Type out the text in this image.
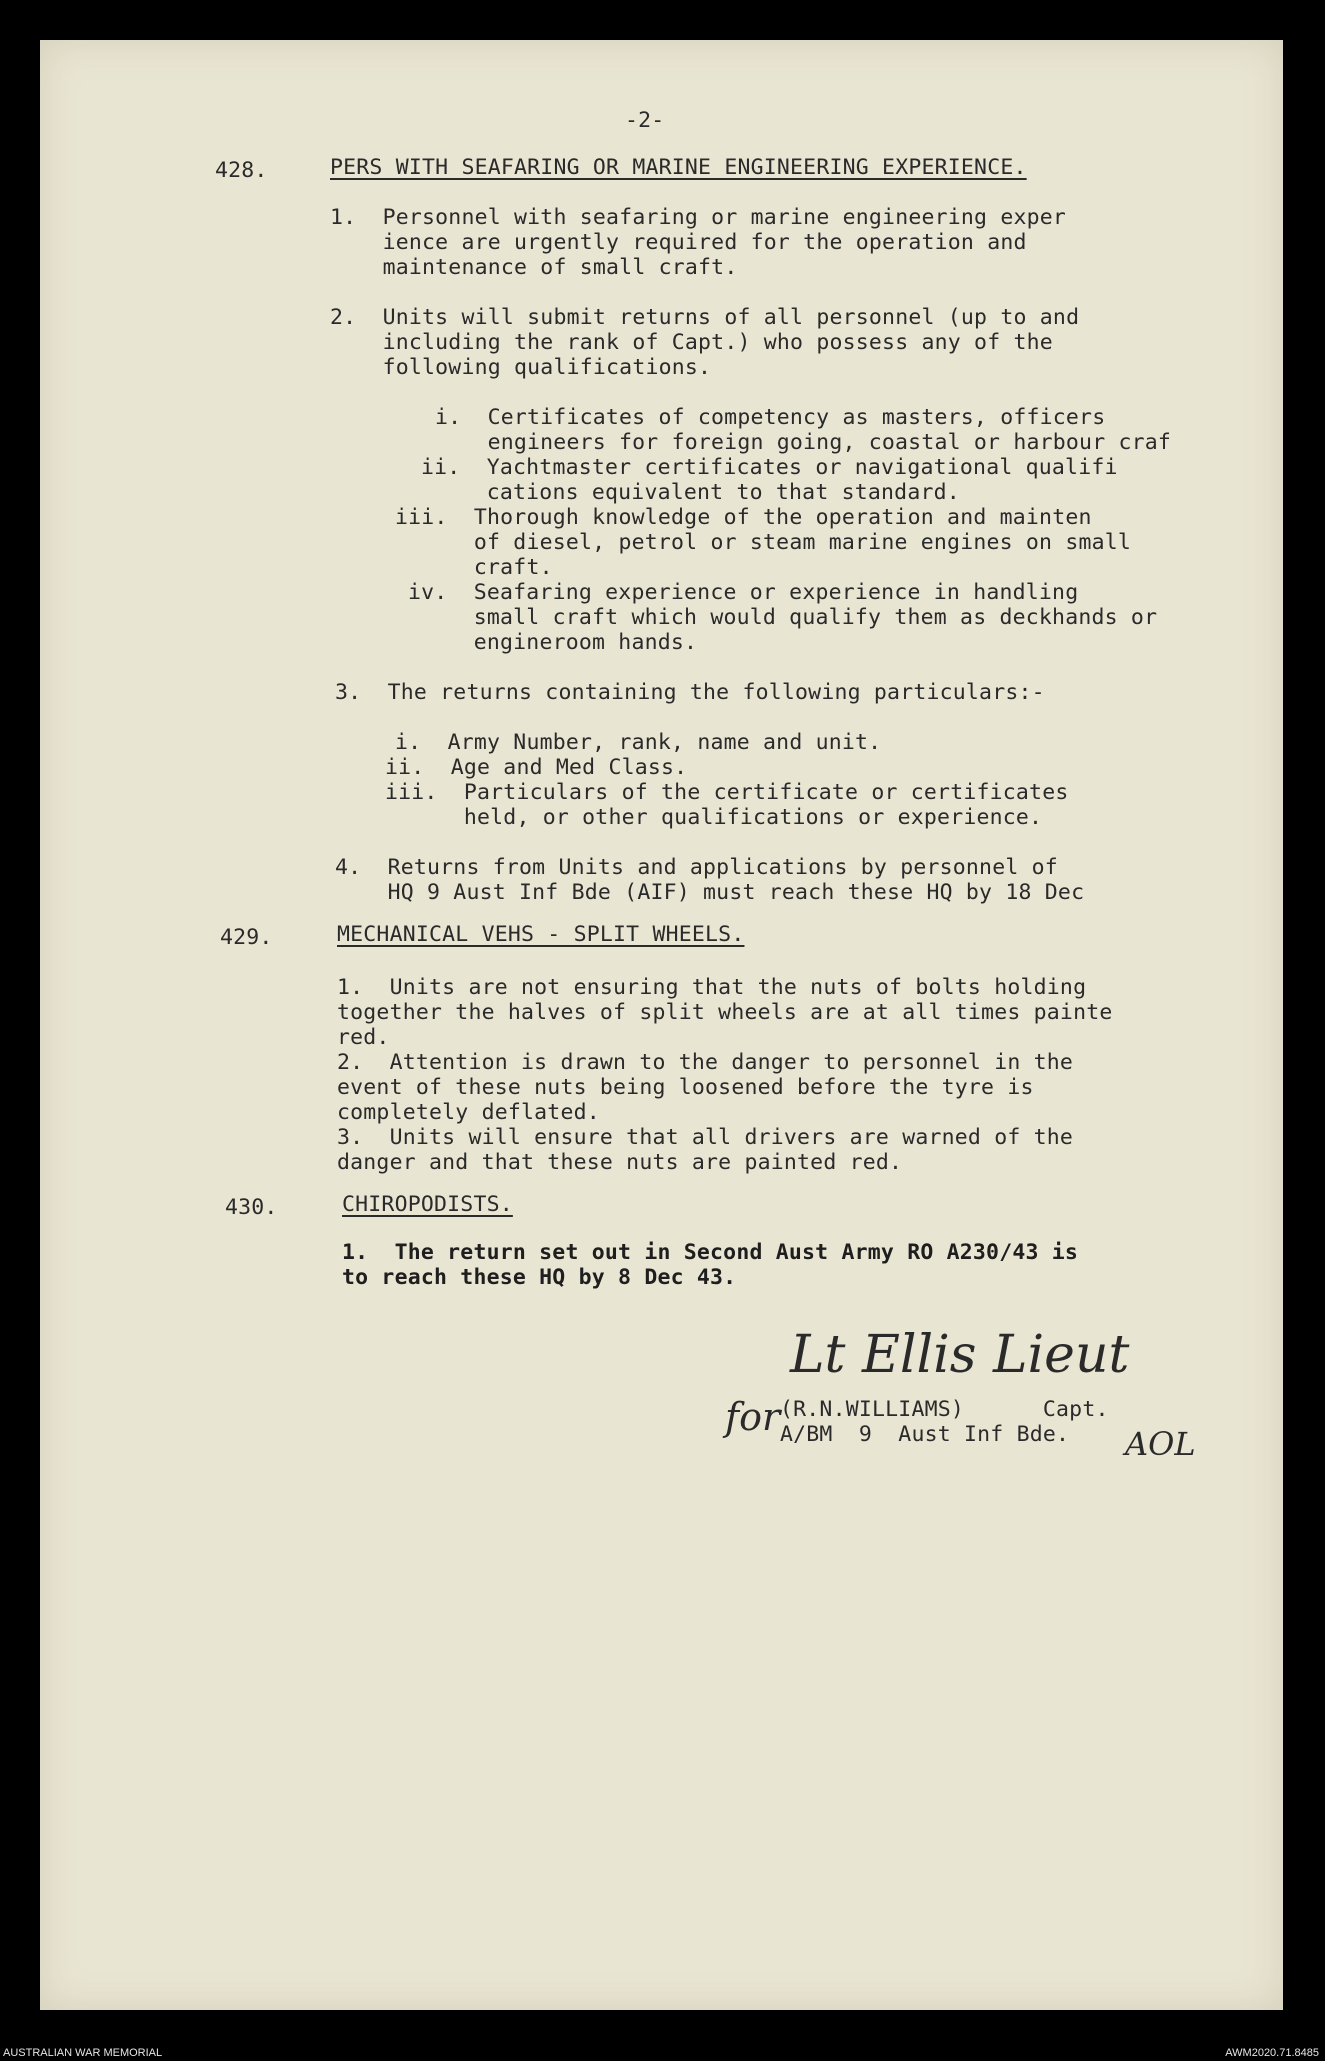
-2-
428.	PERS WITH SEAFARING OR MARINE ENGINEERING EXPERIENCE.
1.  Personnel with seafaring or marine engineering exper
ience are urgently required for the operation and
maintenance of small craft.
2.  Units will submit returns of all personnel (up to and
including the rank of Capt.) who possess any of the
following qualifications.
i.  Certificates of competency as masters, officers
engineers for foreign going, coastal or harbour craf
ii.  Yachtmaster certificates or navigational qualifi
cations equivalent to that standard.
iii.  Thorough knowledge of the operation and mainten
of diesel, petrol or steam marine engines on small
craft.
iv.  Seafaring experience or experience in handling
small craft which would qualify them as deckhands or
engineroom hands.
3.  The returns containing the following particulars:-
i.  Army Number, rank, name and unit.
ii.  Age and Med Class.
iii.  Particulars of the certificate or certificates
held, or other qualifications or experience.
4.  Returns from Units and applications by personnel of
HQ 9 Aust Inf Bde (AIF) must reach these HQ by 18 Dec
429.	MECHANICAL VEHS - SPLIT WHEELS.
1.  Units are not ensuring that the nuts of bolts holding
together the halves of split wheels are at all times painte
red.
2.  Attention is drawn to the danger to personnel in the
event of these nuts being loosened before the tyre is
completely deflated.
3.  Units will ensure that all drivers are warned of the
danger and that these nuts are painted red.
430.	CHIROPODISTS.
1.  The return set out in Second Aust Army RO A230/43 is
to reach these HQ by 8 Dec 43.
Lt Ellis Lieut
for (R.N.WILLIAMS)      Capt.
A/BM  9  Aust Inf Bde. AOL
AUSTRALIAN WAR MEMORIAL	AWM2020.71.8485
